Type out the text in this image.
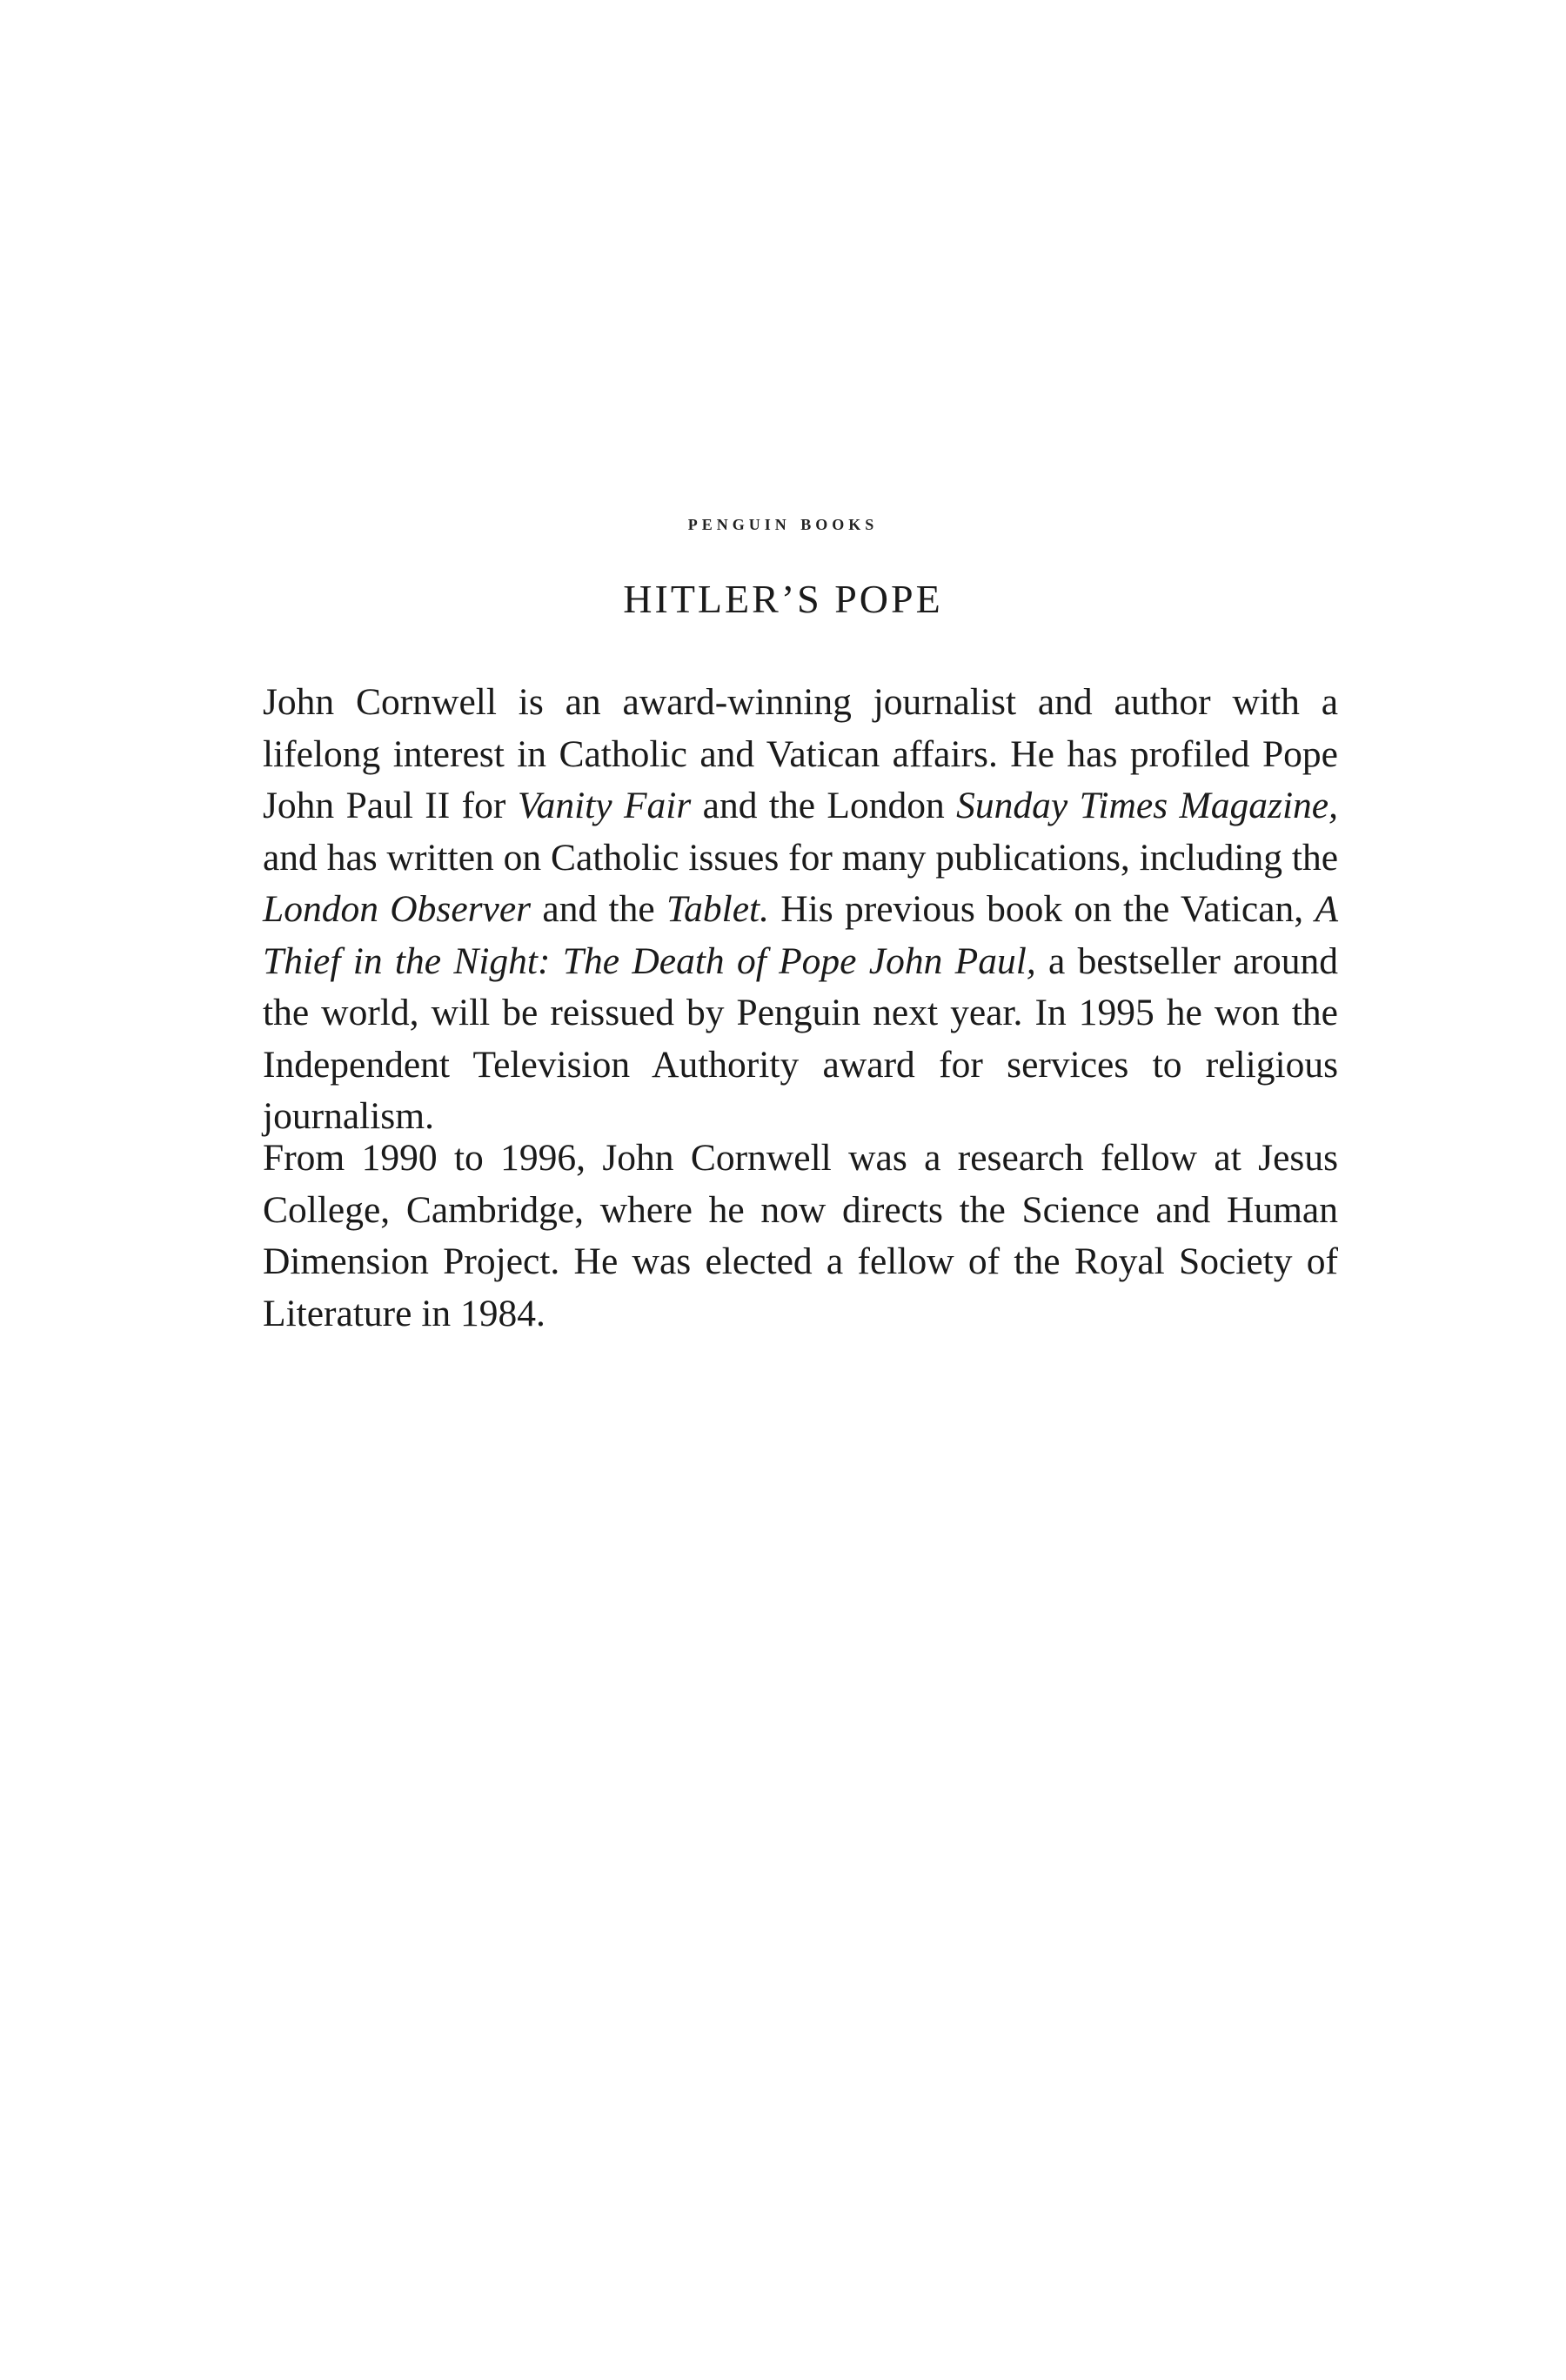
penguin books
HITLER’S POPE

John Cornwell is an award-winning journalist and author with a lifelong interest in Catholic and Vatican affairs. He has profiled Pope John Paul II for Vanity Fair and the London Sunday Times Magazine, and has written on Catholic issues for many publications, including the London Observer and the Tablet. His previous book on the Vatican, A Thief in the Night: The Death of Pope John Paul, a bestseller around the world, will be reissued by Penguin next year. In 1995 he won the Independent Television Authority award for services to religious journalism.

From 1990 to 1996, John Cornwell was a research fellow at Jesus College, Cambridge, where he now directs the Science and Human Dimension Project. He was elected a fellow of the Royal Society of Literature in 1984.
